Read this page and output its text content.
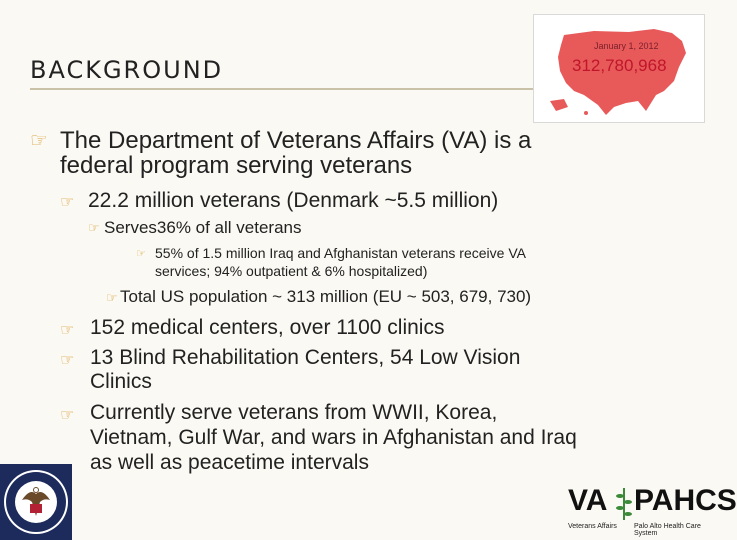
BACKGROUND
January 1, 2012
312,780,968
☞ The Department of Veterans Affairs (VA) is a
federal program serving veterans
☞ 22.2 million veterans (Denmark ~5.5 million)
☞ Serves36% of all veterans
☞ 55% of 1.5 million Iraq and Afghanistan veterans receive VA
services; 94% outpatient & 6% hospitalized)
☞ Total US population ~ 313 million (EU ~ 503, 679, 730)
☞ 152 medical centers, over 1100 clinics
☞ 13 Blind Rehabilitation Centers, 54 Low Vision
Clinics
☞ Currently serve veterans from WWII, Korea,
Vietnam, Gulf War, and wars in Afghanistan and Iraq
as well as peacetime intervals
VA PAHCS
Veterans Affairs Palo Alto Health Care System
